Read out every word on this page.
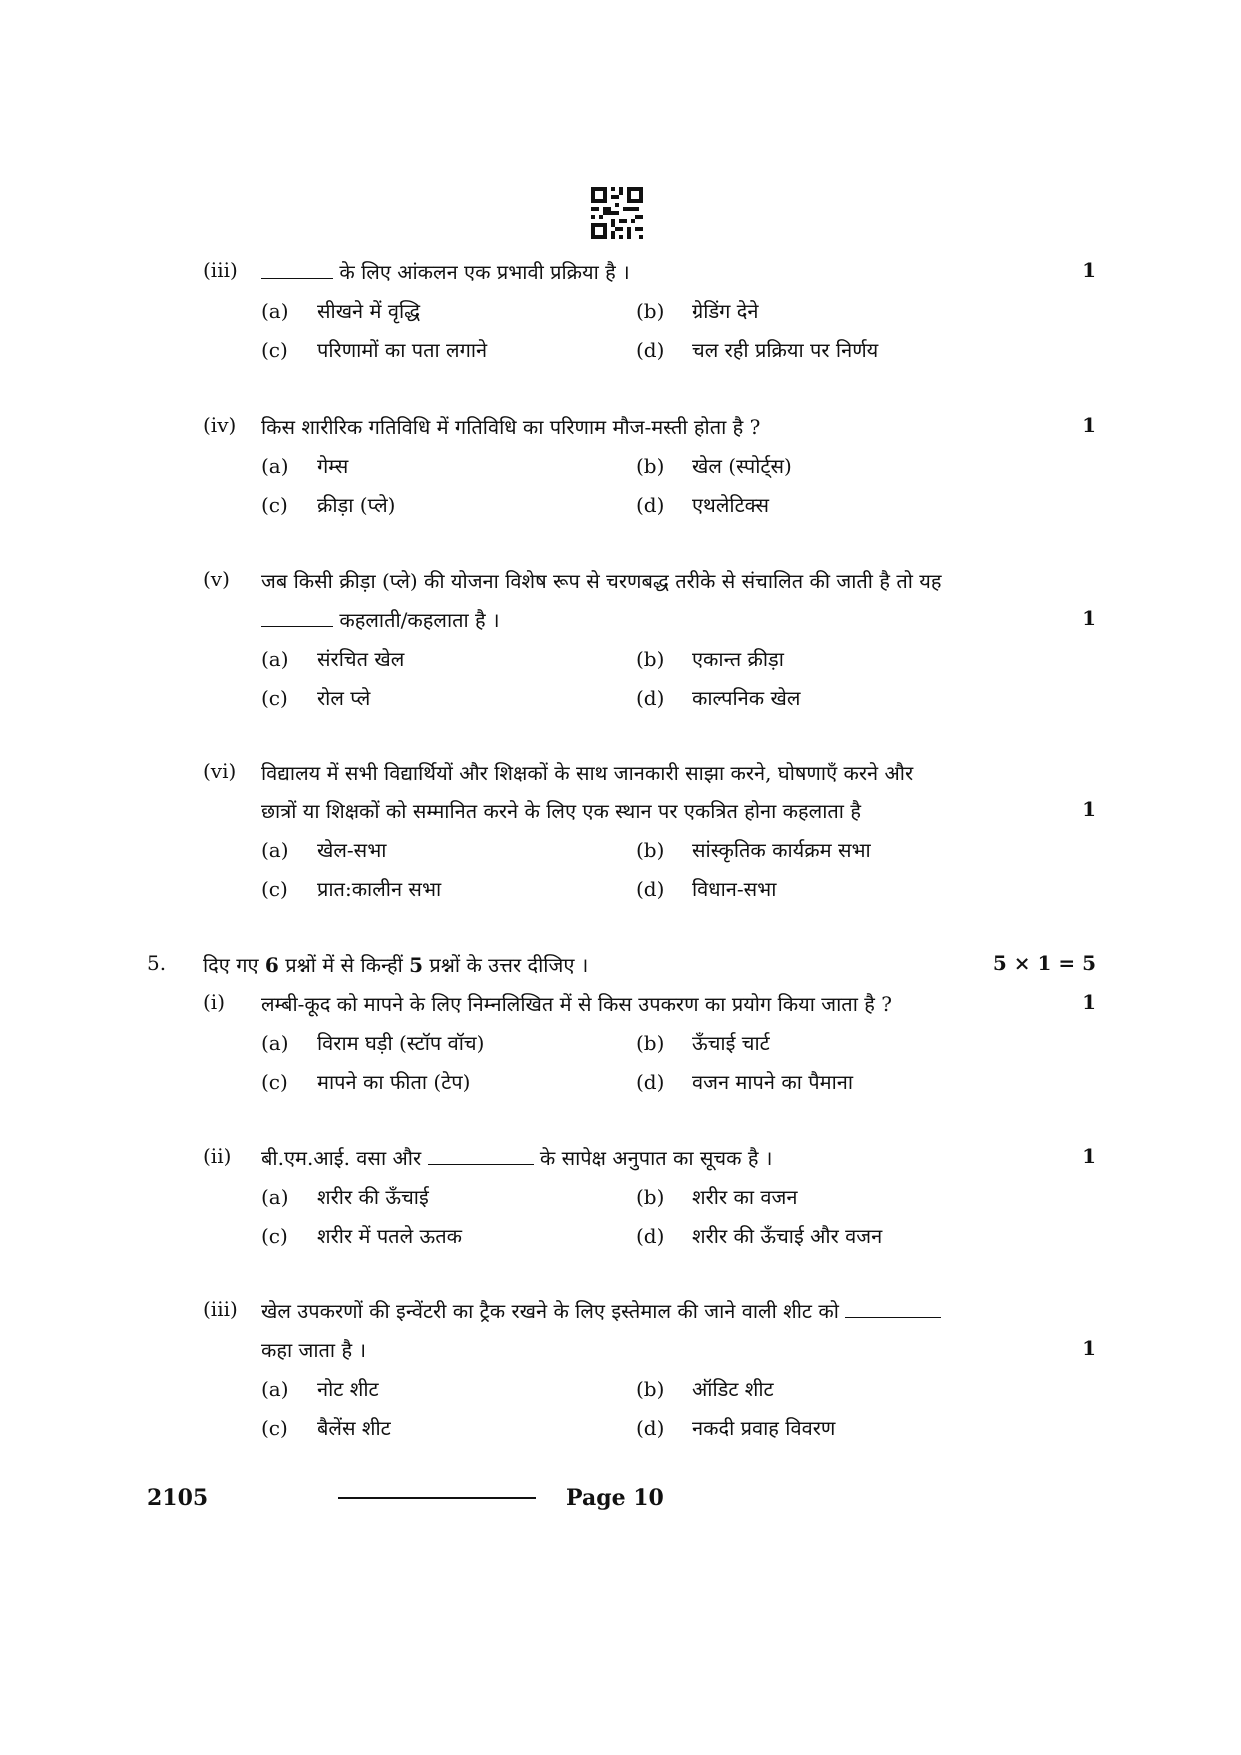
(iii)	के लिए आंकलन एक प्रभावी प्रक्रिया है ।	1
(a) सीखने में वृद्धि	(b) ग्रेडिंग देने
(c) परिणामों का पता लगाने	(d) चल रही प्रक्रिया पर निर्णय
(iv) किस शारीरिक गतिविधि में गतिविधि का परिणाम मौज-मस्ती होता है ?	1
(a) गेम्स	(b) खेल (स्पोर्ट्स)
(c) क्रीड़ा (प्ले)	(d) एथलेटिक्स
(v) जब किसी क्रीड़ा (प्ले) की योजना विशेष रूप से चरणबद्ध तरीके से संचालित की जाती है तो यह
कहलाती/कहलाता है ।	1
(a) संरचित खेल	(b) एकान्त क्रीड़ा
(c) रोल प्ले	(d) काल्पनिक खेल
(vi) विद्यालय में सभी विद्यार्थियों और शिक्षकों के साथ जानकारी साझा करने, घोषणाएँ करने और
छात्रों या शिक्षकों को सम्मानित करने के लिए एक स्थान पर एकत्रित होना कहलाता है	1
(a) खेल-सभा	(b) सांस्कृतिक कार्यक्रम सभा
(c) प्रात:कालीन सभा	(d) विधान-सभा
5. दिए गए 6 प्रश्नों में से किन्हीं 5 प्रश्नों के उत्तर दीजिए ।	5 × 1 = 5
(i) लम्बी-कूद को मापने के लिए निम्नलिखित में से किस उपकरण का प्रयोग किया जाता है ?	1
(a) विराम घड़ी (स्टॉप वॉच)	(b) ऊँचाई चार्ट
(c) मापने का फीता (टेप)	(d) वजन मापने का पैमाना
(ii) बी.एम.आई. वसा और	के सापेक्ष अनुपात का सूचक है ।	1
(a) शरीर की ऊँचाई	(b) शरीर का वजन
(c) शरीर में पतले ऊतक	(d) शरीर की ऊँचाई और वजन
(iii) खेल उपकरणों की इन्वेंटरी का ट्रैक रखने के लिए इस्तेमाल की जाने वाली शीट को
कहा जाता है ।	1
(a) नोट शीट	(b) ऑडिट शीट
(c) बैलेंस शीट	(d) नकदी प्रवाह विवरण
2105	Page 10
